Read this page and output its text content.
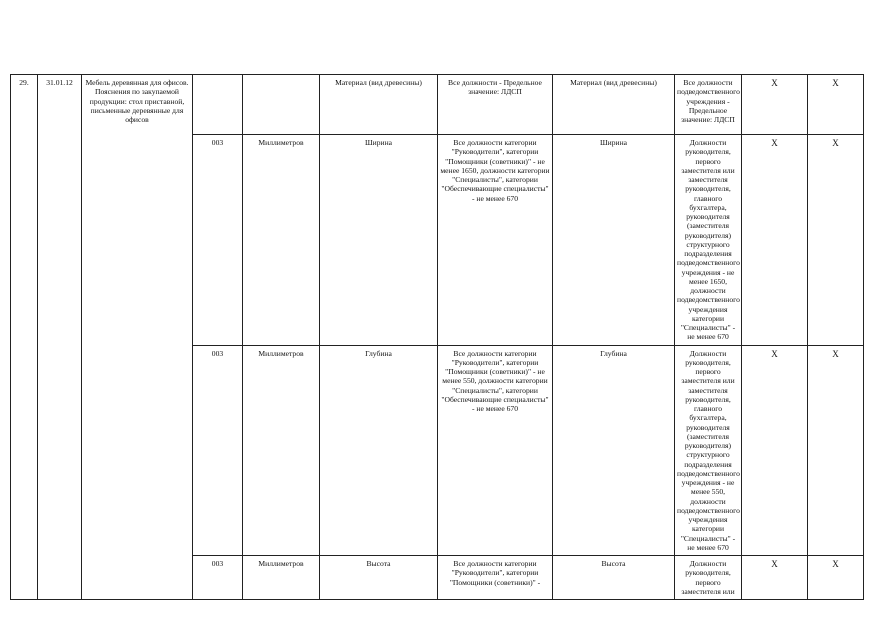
29.	31.01.12	Мебель деревянная для офисов. Пояснения по закупаемой продукции: стол приставной, письменные деревянные для офисов			Материал (вид древесины)	Все должности - Предельное значение: ЛДСП	Материал (вид древесины)	Все должности подведомственного учреждения - Предельное значение: ЛДСП	X	X
			003	Миллиметров	Ширина	Все должности категории "Руководители", категории "Помощники (советники)" - не менее 1650, должности категории "Специалисты", категории "Обеспечивающие специалисты" - не менее 670	Ширина	Должности руководителя, первого заместителя или заместителя руководителя, главного бухгалтера, руководителя (заместителя руководителя) структурного подразделения подведомственного учреждения - не менее 1650, должности подведомственного учреждения категории "Специалисты" - не менее 670	X	X
			003	Миллиметров	Глубина	Все должности категории "Руководители", категории "Помощники (советники)" - не менее 550, должности категории "Специалисты", категории "Обеспечивающие специалисты" - не менее 670	Глубина	Должности руководителя, первого заместителя или заместителя руководителя, главного бухгалтера, руководителя (заместителя руководителя) структурного подразделения подведомственного учреждения - не менее 550, должности подведомственного учреждения категории "Специалисты" - не менее 670	X	X
			003	Миллиметров	Высота	Все должности категории "Руководители", категории "Помощники (советники)" -	Высота	Должности руководителя, первого заместителя или	X	X
